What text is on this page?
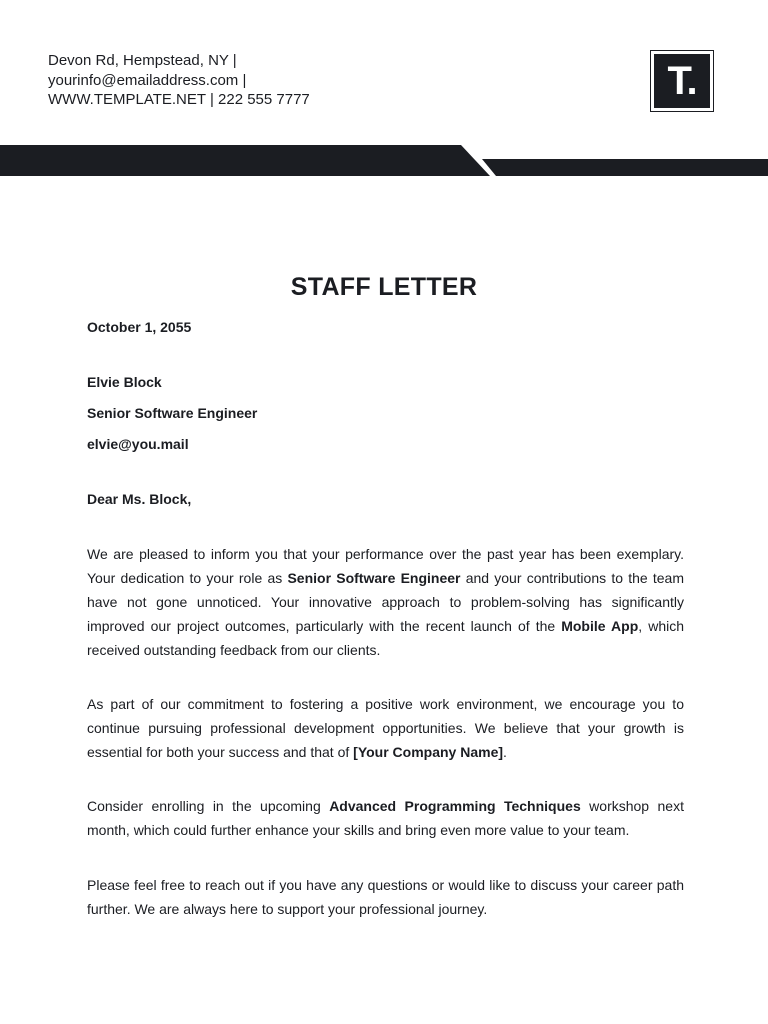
Devon Rd, Hempstead, NY |
yourinfo@emailaddress.com |
WWW.TEMPLATE.NET | 222 555 7777	T.
STAFF LETTER
October 1, 2055
Elvie Block
Senior Software Engineer
elvie@you.mail
Dear Ms. Block,
We are pleased to inform you that your performance over the past year has been exemplary. Your dedication to your role as Senior Software Engineer and your contributions to the team have not gone unnoticed. Your innovative approach to problem-solving has significantly improved our project outcomes, particularly with the recent launch of the Mobile App, which received outstanding feedback from our clients.
As part of our commitment to fostering a positive work environment, we encourage you to continue pursuing professional development opportunities. We believe that your growth is essential for both your success and that of [Your Company Name].
Consider enrolling in the upcoming Advanced Programming Techniques workshop next month, which could further enhance your skills and bring even more value to your team.
Please feel free to reach out if you have any questions or would like to discuss your career path further. We are always here to support your professional journey.
